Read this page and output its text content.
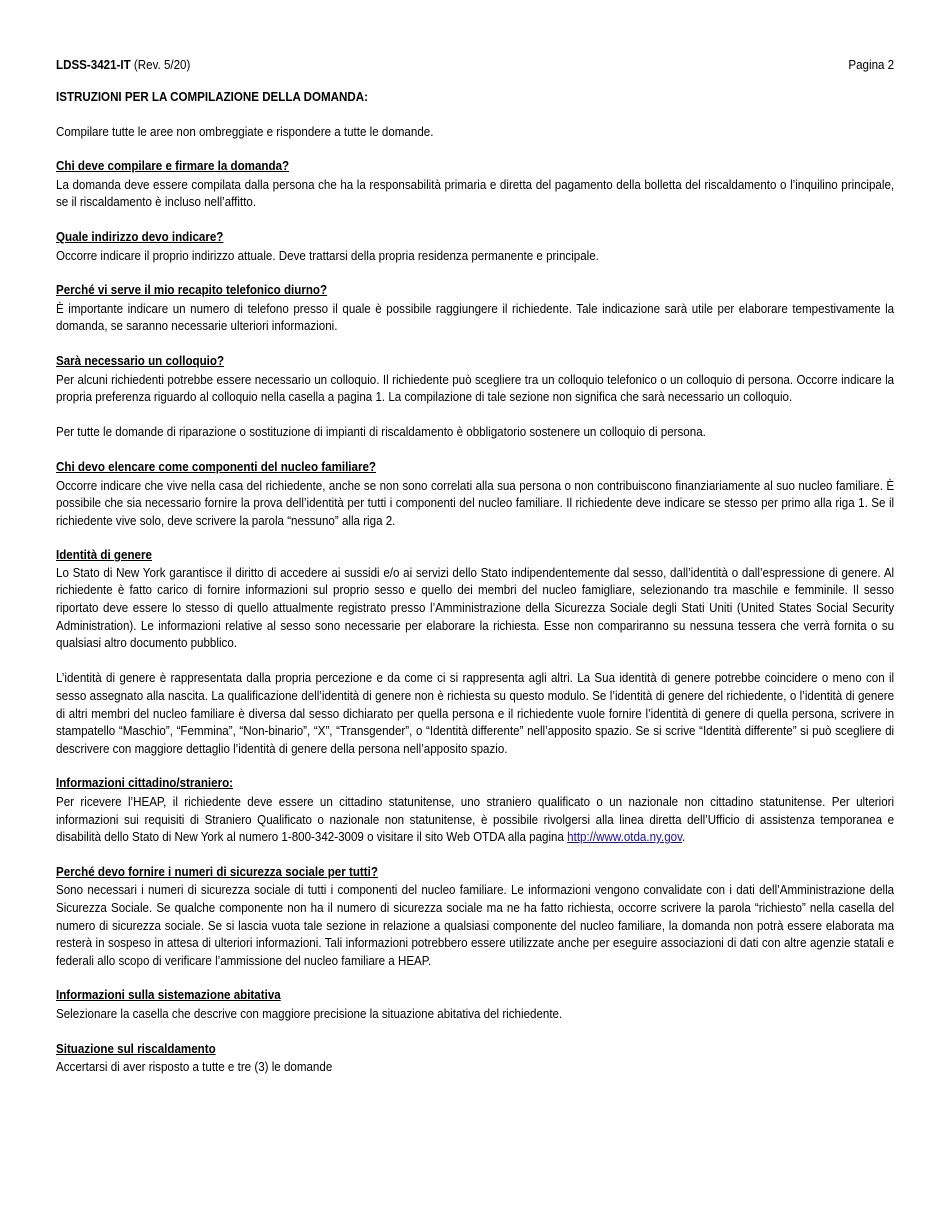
LDSS-3421-IT (Rev. 5/20)	Pagina 2
ISTRUZIONI PER LA COMPILAZIONE DELLA DOMANDA:
Compilare tutte le aree non ombreggiate e rispondere a tutte le domande.
Chi deve compilare e firmare la domanda?

La domanda deve essere compilata dalla persona che ha la responsabilità primaria e diretta del pagamento della bolletta del riscaldamento o l’inquilino principale, se il riscaldamento è incluso nell’affitto.

Quale indirizzo devo indicare?

Occorre indicare il proprio indirizzo attuale. Deve trattarsi della propria residenza permanente e principale.

Perché vi serve il mio recapito telefonico diurno?

È importante indicare un numero di telefono presso il quale è possibile raggiungere il richiedente. Tale indicazione sarà utile per elaborare tempestivamente la domanda, se saranno necessarie ulteriori informazioni.

Sarà necessario un colloquio?

Per alcuni richiedenti potrebbe essere necessario un colloquio. Il richiedente può scegliere tra un colloquio telefonico o un colloquio di persona. Occorre indicare la propria preferenza riguardo al colloquio nella casella a pagina 1. La compilazione di tale sezione non significa che sarà necessario un colloquio.

Per tutte le domande di riparazione o sostituzione di impianti di riscaldamento è obbligatorio sostenere un colloquio di persona.

Chi devo elencare come componenti del nucleo familiare?

Occorre indicare che vive nella casa del richiedente, anche se non sono correlati alla sua persona o non contribuiscono finanziariamente al suo nucleo familiare. È possibile che sia necessario fornire la prova dell’identità per tutti i componenti del nucleo familiare. Il richiedente deve indicare se stesso per primo alla riga 1. Se il richiedente vive solo, deve scrivere la parola “nessuno” alla riga 2.

Identità di genere

Lo Stato di New York garantisce il diritto di accedere ai sussidi e/o ai servizi dello Stato indipendentemente dal sesso, dall’identità o dall’espressione di genere. Al richiedente è fatto carico di fornire informazioni sul proprio sesso e quello dei membri del nucleo famigliare, selezionando tra maschile e femminile. Il sesso riportato deve essere lo stesso di quello attualmente registrato presso l’Amministrazione della Sicurezza Sociale degli Stati Uniti (United States Social Security Administration). Le informazioni relative al sesso sono necessarie per elaborare la richiesta. Esse non compariranno su nessuna tessera che verrà fornita o su qualsiasi altro documento pubblico.

L’identità di genere è rappresentata dalla propria percezione e da come ci si rappresenta agli altri. La Sua identità di genere potrebbe coincidere o meno con il sesso assegnato alla nascita. La qualificazione dell’identità di genere non è richiesta su questo modulo. Se l’identità di genere del richiedente, o l’identità di genere di altri membri del nucleo familiare è diversa dal sesso dichiarato per quella persona e il richiedente vuole fornire l’identità di genere di quella persona, scrivere in stampatello “Maschio”, “Femmina”, “Non-binario”, “X”, “Transgender”, o “Identità differente” nell’apposito spazio. Se si scrive “Identità differente” si può scegliere di descrivere con maggiore dettaglio l’identità di genere della persona nell’apposito spazio.

Informazioni cittadino/straniero:

Per ricevere l’HEAP, il richiedente deve essere un cittadino statunitense, uno straniero qualificato o un nazionale non cittadino statunitense. Per ulteriori informazioni sui requisiti di Straniero Qualificato o nazionale non statunitense, è possibile rivolgersi alla linea diretta dell’Ufficio di assistenza temporanea e disabilità dello Stato di New York al numero 1-800-342-3009 o visitare il sito Web OTDA alla pagina http://www.otda.ny.gov.

Perché devo fornire i numeri di sicurezza sociale per tutti?

Sono necessari i numeri di sicurezza sociale di tutti i componenti del nucleo familiare. Le informazioni vengono convalidate con i dati dell’Amministrazione della Sicurezza Sociale. Se qualche componente non ha il numero di sicurezza sociale ma ne ha fatto richiesta, occorre scrivere la parola “richiesto” nella casella del numero di sicurezza sociale. Se si lascia vuota tale sezione in relazione a qualsiasi componente del nucleo familiare, la domanda non potrà essere elaborata ma resterà in sospeso in attesa di ulteriori informazioni. Tali informazioni potrebbero essere utilizzate anche per eseguire associazioni di dati con altre agenzie statali e federali allo scopo di verificare l’ammissione del nucleo familiare a HEAP.

Informazioni sulla sistemazione abitativa

Selezionare la casella che descrive con maggiore precisione la situazione abitativa del richiedente.

Situazione sul riscaldamento

Accertarsi di aver risposto a tutte e tre (3) le domande
